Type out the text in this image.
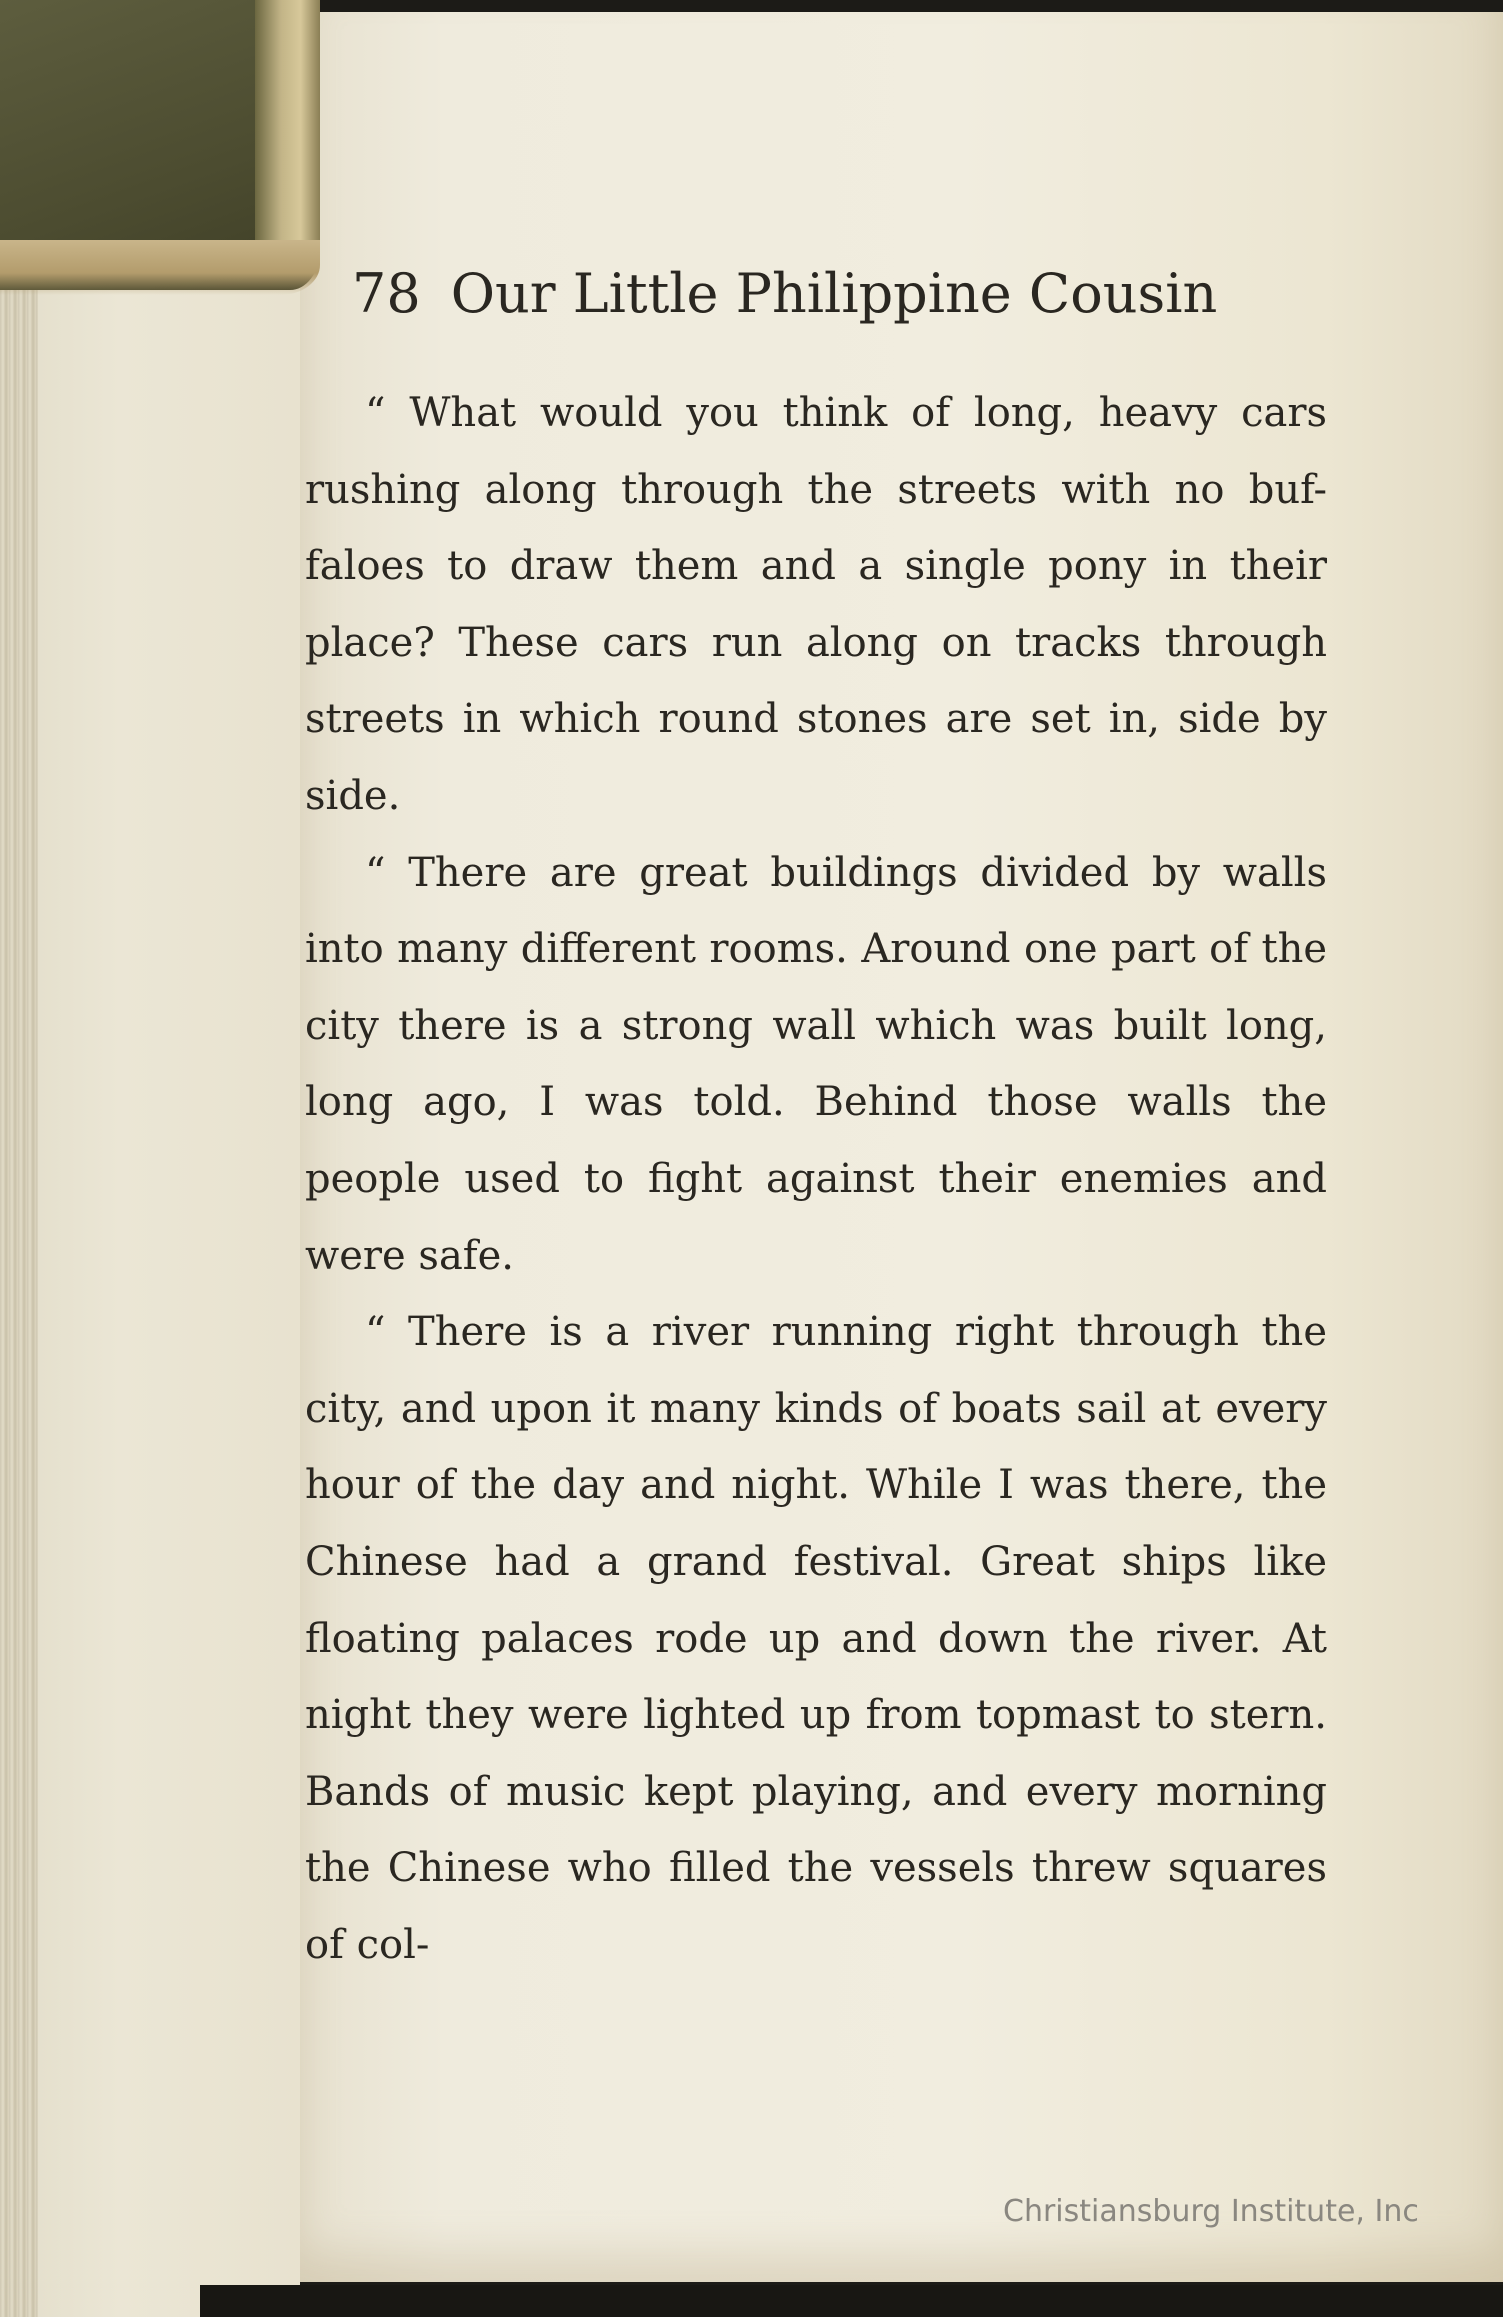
78 Our Little Philippine Cousin

“ What would you think of long, heavy cars rushing along through the streets with no buf- faloes to draw them and a single pony in their place? These cars run along on tracks through streets in which round stones are set in, side by side.

“ There are great buildings divided by walls into many different rooms. Around one part of the city there is a strong wall which was built long, long ago, I was told. Behind those walls the people used to fight against their enemies and were safe.

“ There is a river running right through the city, and upon it many kinds of boats sail at every hour of the day and night. While I was there, the Chinese had a grand festival. Great ships like floating palaces rode up and down the river. At night they were lighted up from topmast to stern. Bands of music kept playing, and every morning the Chinese who filled the vessels threw squares of col-

Christiansburg Institute, Inc
